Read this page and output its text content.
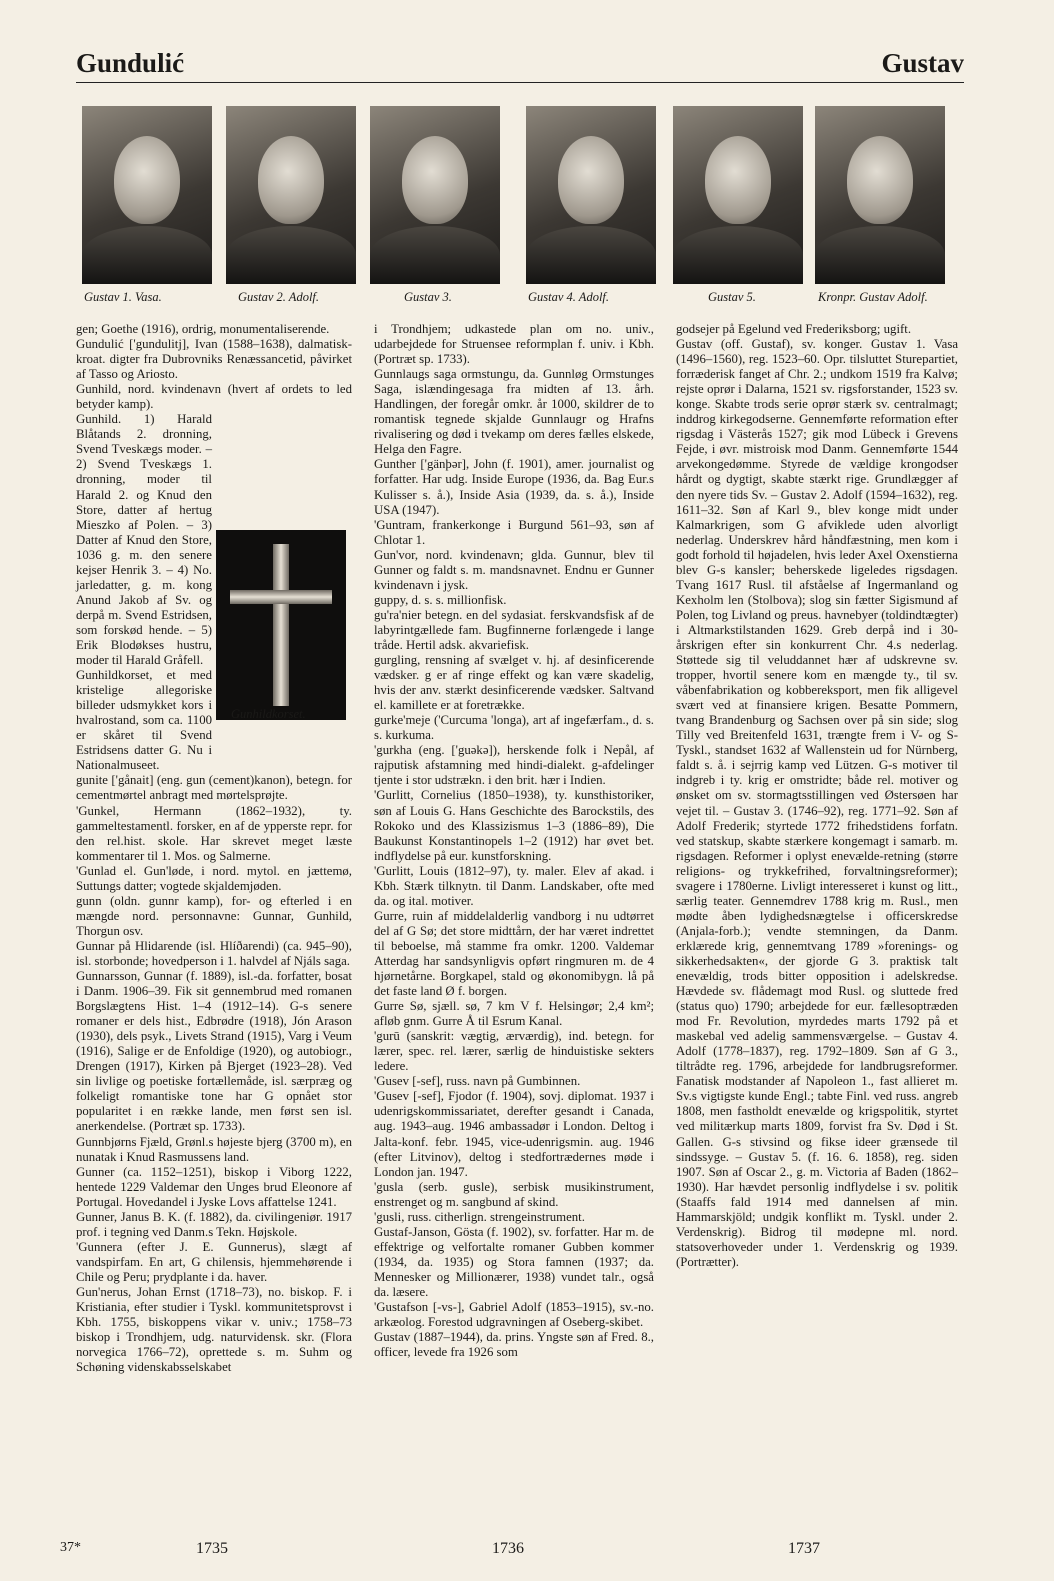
Gundulić	Gustav
Gustav 1. Vasa.	Gustav 2. Adolf.	Gustav 3.	Gustav 4. Adolf.	Gustav 5.	Kronpr. Gustav Adolf.

gen; Goethe (1916), ordrig, monumentaliserende.

Gundulić ['gundulitj], Ivan (1588–1638), dalmatisk-kroat. digter fra Dubrovniks Renæssancetid, påvirket af Tasso og Ariosto.

Gunhild, nord. kvindenavn (hvert af ordets to led betyder kamp).

Gunhild. 1) Harald Blåtands 2. dronning, Svend Tveskægs moder. – 2) Svend Tveskægs 1. dronning, moder til Harald 2. og Knud den Store, datter af hertug Mieszko af Polen. – 3) Datter af Knud den Store, 1036 g. m. den senere kejser Henrik 3. – 4) No. jarledatter, g. m. kong Anund Jakob af Sv. og derpå m. Svend Estridsen, som forskød hende. – 5) Erik Blodøkses hustru, moder til Harald Gråfell.

Gunhildkorset, et med kristelige allegoriske billeder udsmykket kors i hvalrostand, som ca. 1100 er skåret til Svend Estridsens datter G. Nu i Nationalmuseet.

gunite ['gånait] (eng. gun (cement)kanon), betegn. for cementmørtel anbragt med mørtelsprøjte.

'Gunkel, Hermann (1862–1932), ty. gammeltestamentl. forsker, en af de ypperste repr. for den rel.hist. skole. Har skrevet meget læste kommentarer til 1. Mos. og Salmerne.

'Gunlad el. Gun'løde, i nord. mytol. en jættemø, Suttungs datter; vogtede skjaldemjøden.

gunn (oldn. gunnr kamp), for- og efterled i en mængde nord. personnavne: Gunnar, Gunhild, Thorgun osv.

Gunnar på Hlidarende (isl. Hlíðarendi) (ca. 945–90), isl. storbonde; hovedperson i 1. halvdel af Njáls saga.

Gunnarsson, Gunnar (f. 1889), isl.-da. forfatter, bosat i Danm. 1906–39. Fik sit gennembrud med romanen Borgslægtens Hist. 1–4 (1912–14). G-s senere romaner er dels hist., Edbrødre (1918), Jón Arason (1930), dels psyk., Livets Strand (1915), Varg i Veum (1916), Salige er de Enfoldige (1920), og autobiogr., Drengen (1917), Kirken på Bjerget (1923–28). Ved sin livlige og poetiske fortællemåde, isl. særpræg og folkeligt romantiske tone har G opnået stor popularitet i en række lande, men først sen isl. anerkendelse. (Portræt sp. 1733).

Gunnbjørns Fjæld, Grønl.s højeste bjerg (3700 m), en nunatak i Knud Rasmussens land.

Gunner (ca. 1152–1251), biskop i Viborg 1222, hentede 1229 Valdemar den Unges brud Eleonore af Portugal. Hovedandel i Jyske Lovs affattelse 1241.

Gunner, Janus B. K. (f. 1882), da. civilingeniør. 1917 prof. i tegning ved Danm.s Tekn. Højskole.

'Gunnera (efter J. E. Gunnerus), slægt af vandspirfam. En art, G chilensis, hjemmehørende i Chile og Peru; prydplante i da. haver.

Gun'nerus, Johan Ernst (1718–73), no. biskop. F. i Kristiania, efter studier i Tyskl. kommunitetsprovst i Kbh. 1755, biskoppens vikar v. univ.; 1758–73 biskop i Trondhjem, udg. naturvidensk. skr. (Flora norvegica 1766–72), oprettede s. m. Suhm og Schøning videnskabsselskabet

Gunhildkorset.

i Trondhjem; udkastede plan om no. univ., udarbejdede for Struensee reformplan f. univ. i Kbh. (Portræt sp. 1733).

Gunnlaugs saga ormstungu, da. Gunnløg Ormstunges Saga, islændingesaga fra midten af 13. årh. Handlingen, der foregår omkr. år 1000, skildrer de to romantisk tegnede skjalde Gunnlaugr og Hrafns rivalisering og død i tvekamp om deres fælles elskede, Helga den Fagre.

Gunther ['gänþər], John (f. 1901), amer. journalist og forfatter. Har udg. Inside Europe (1936, da. Bag Eur.s Kulisser s. å.), Inside Asia (1939, da. s. å.), Inside USA (1947).

'Guntram, frankerkonge i Burgund 561–93, søn af Chlotar 1.

Gun'vor, nord. kvindenavn; glda. Gunnur, blev til Gunner og faldt s. m. mandsnavnet. Endnu er Gunner kvindenavn i jysk.

guppy, d. s. s. millionfisk.

gu'ra'nier betegn. en del sydasiat. ferskvandsfisk af de labyrintgællede fam. Bugfinnerne forlængede i lange tråde. Hertil adsk. akvariefisk.

gurgling, rensning af svælget v. hj. af desinficerende vædsker. g er af ringe effekt og kan være skadelig, hvis der anv. stærkt desinficerende vædsker. Saltvand el. kamillete er at foretrække.

gurke'meje ('Curcuma 'longa), art af ingefærfam., d. s. s. kurkuma.

'gurkha (eng. ['guəkə]), herskende folk i Nepål, af rajputisk afstamning med hindi-dialekt. g-afdelinger tjente i stor udstrækn. i den brit. hær i Indien.

'Gurlitt, Cornelius (1850–1938), ty. kunsthistoriker, søn af Louis G. Hans Geschichte des Barockstils, des Rokoko und des Klassizismus 1–3 (1886–89), Die Baukunst Konstantinopels 1–2 (1912) har øvet bet. indflydelse på eur. kunstforskning.

'Gurlitt, Louis (1812–97), ty. maler. Elev af akad. i Kbh. Stærk tilknytn. til Danm. Landskaber, ofte med da. og ital. motiver.

Gurre, ruin af middelalderlig vandborg i nu udtørret del af G Sø; det store midttårn, der har været indrettet til beboelse, må stamme fra omkr. 1200. Valdemar Atterdag har sandsynligvis opført ringmuren m. de 4 hjørnetårne. Borgkapel, stald og økonomibygn. lå på det faste land Ø f. borgen.

Gurre Sø, sjæll. sø, 7 km V f. Helsingør; 2,4 km²; afløb gnm. Gurre Å til Esrum Kanal.

'gurū (sanskrit: vægtig, ærværdig), ind. betegn. for lærer, spec. rel. lærer, særlig de hinduistiske sekters ledere.

'Gusev [-sef], russ. navn på Gumbinnen.

'Gusev [-sef], Fjodor (f. 1904), sovj. diplomat. 1937 i udenrigskommissariatet, derefter gesandt i Canada, aug. 1943–aug. 1946 ambassadør i London. Deltog i Jalta-konf. febr. 1945, vice-udenrigsmin. aug. 1946 (efter Litvinov), deltog i stedfortrædernes møde i London jan. 1947.

'gusla (serb. gusle), serbisk musikinstrument, enstrenget og m. sangbund af skind.

'gusli, russ. citherlign. strengeinstrument.

Gustaf-Janson, Gösta (f. 1902), sv. forfatter. Har m. de effektrige og velfortalte romaner Gubben kommer (1934, da. 1935) og Stora famnen (1937; da. Mennesker og Millionærer, 1938) vundet talr., også da. læsere.

'Gustafson [-vs-], Gabriel Adolf (1853–1915), sv.-no. arkæolog. Forestod udgravningen af Oseberg-skibet.

Gustav (1887–1944), da. prins. Yngste søn af Fred. 8., officer, levede fra 1926 som

godsejer på Egelund ved Frederiksborg; ugift.

Gustav (off. Gustaf), sv. konger. Gustav 1. Vasa (1496–1560), reg. 1523–60. Opr. tilsluttet Sturepartiet, forræderisk fanget af Chr. 2.; undkom 1519 fra Kalvø; rejste oprør i Dalarna, 1521 sv. rigsforstander, 1523 sv. konge. Skabte trods serie oprør stærk sv. centralmagt; inddrog kirkegodserne. Gennemførte reformation efter rigsdag i Västerås 1527; gik mod Lübeck i Grevens Fejde, i øvr. mistroisk mod Danm. Gennemførte 1544 arvekongedømme. Styrede de vældige krongodser hårdt og dygtigt, skabte stærkt rige. Grundlægger af den nyere tids Sv. – Gustav 2. Adolf (1594–1632), reg. 1611–32. Søn af Karl 9., blev konge midt under Kalmarkrigen, som G afviklede uden alvorligt nederlag. Underskrev hård håndfæstning, men kom i godt forhold til højadelen, hvis leder Axel Oxenstierna blev G-s kansler; beherskede ligeledes rigsdagen. Tvang 1617 Rusl. til afståelse af Ingermanland og Kexholm len (Stolbova); slog sin fætter Sigismund af Polen, tog Livland og preus. havnebyer (toldindtægter) i Altmarkstilstanden 1629. Greb derpå ind i 30-årskrigen efter sin konkurrent Chr. 4.s nederlag. Støttede sig til veluddannet hær af udskrevne sv. tropper, hvortil senere kom en mængde ty., til sv. våbenfabrikation og kobbereksport, men fik alligevel svært ved at finansiere krigen. Besatte Pommern, tvang Brandenburg og Sachsen over på sin side; slog Tilly ved Breitenfeld 1631, trængte frem i V- og S-Tyskl., standset 1632 af Wallenstein ud for Nürnberg, faldt s. å. i sejrrig kamp ved Lützen. G-s motiver til indgreb i ty. krig er omstridte; både rel. motiver og ønsket om sv. stormagtsstillingen ved Østersøen har vejet til. – Gustav 3. (1746–92), reg. 1771–92. Søn af Adolf Frederik; styrtede 1772 frihedstidens forfatn. ved statskup, skabte stærkere kongemagt i samarb. m. rigsdagen. Reformer i oplyst enevælde-retning (større religions- og trykkefrihed, forvaltningsreformer); svagere i 1780erne. Livligt interesseret i kunst og litt., særlig teater. Gennemdrev 1788 krig m. Rusl., men mødte åben lydighedsnægtelse i officerskredse (Anjala-forb.); vendte stemningen, da Danm. erklærede krig, gennemtvang 1789 »forenings- og sikkerhedsakten«, der gjorde G 3. praktisk talt enevældig, trods bitter opposition i adelskredse. Hævdede sv. flådemagt mod Rusl. og sluttede fred (status quo) 1790; arbejdede for eur. fællesoptræden mod Fr. Revolution, myrdedes marts 1792 på et maskebal ved adelig sammensværgelse. – Gustav 4. Adolf (1778–1837), reg. 1792–1809. Søn af G 3., tiltrådte reg. 1796, arbejdede for landbrugsreformer. Fanatisk modstander af Napoleon 1., fast allieret m. Sv.s vigtigste kunde Engl.; tabte Finl. ved russ. angreb 1808, men fastholdt enevælde og krigspolitik, styrtet ved militærkup marts 1809, forvist fra Sv. Død i St. Gallen. G-s stivsind og fikse ideer grænsede til sindssyge. – Gustav 5. (f. 16. 6. 1858), reg. siden 1907. Søn af Oscar 2., g. m. Victoria af Baden (1862–1930). Har hævdet personlig indflydelse i sv. politik (Staaffs fald 1914 med dannelsen af min. Hammarskjöld; undgik konflikt m. Tyskl. under 2. Verdenskrig). Bidrog til mødерne ml. nord. statsoverhoveder under 1. Verdenskrig og 1939. (Portrætter).

37*	1735	1736	1737
